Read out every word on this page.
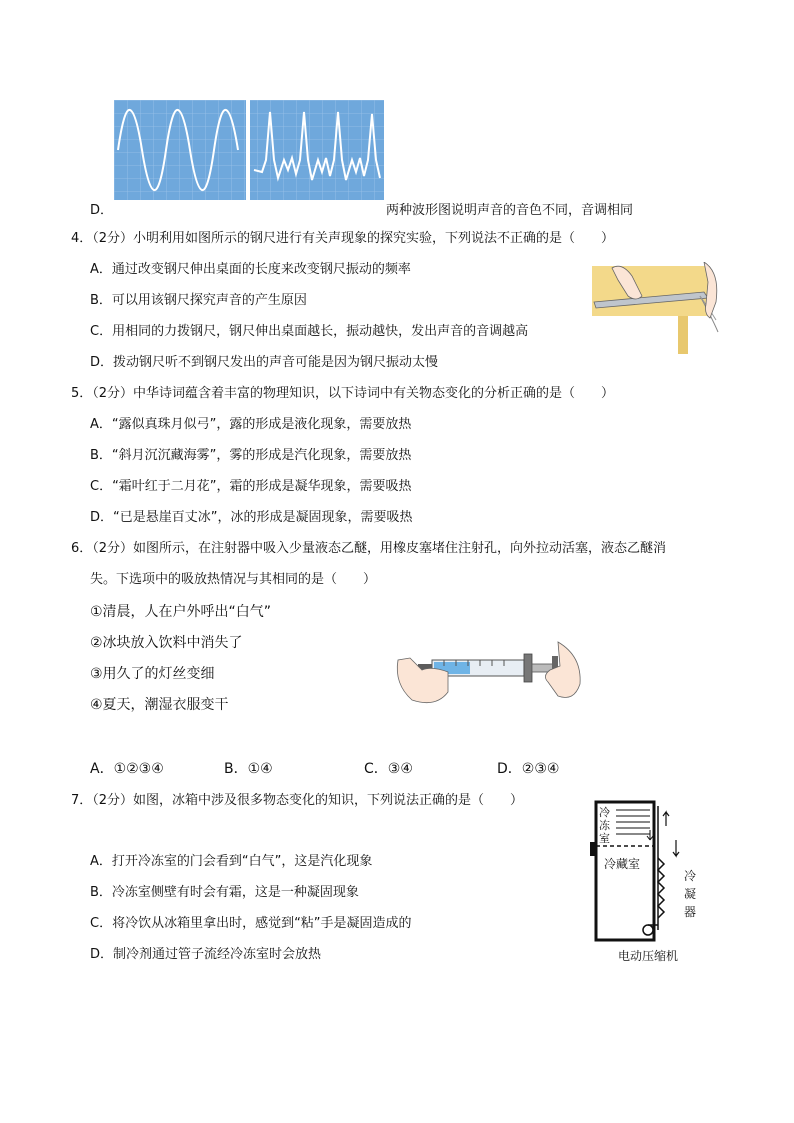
D．	两种波形图说明声音的音色不同，音调相同
4．（2分）小明利用如图所示的钢尺进行有关声现象的探究实验，下列说法不正确的是（　　）
A．通过改变钢尺伸出桌面的长度来改变钢尺振动的频率
B．可以用该钢尺探究声音的产生原因
C．用相同的力拨钢尺，钢尺伸出桌面越长，振动越快，发出声音的音调越高
D．拨动钢尺听不到钢尺发出的声音可能是因为钢尺振动太慢
5．（2分）中华诗词蕴含着丰富的物理知识，以下诗词中有关物态变化的分析正确的是（　　）
A．“露似真珠月似弓”，露的形成是液化现象，需要放热
B．“斜月沉沉藏海雾”，雾的形成是汽化现象，需要放热
C．“霜叶红于二月花”，霜的形成是凝华现象，需要吸热
D．“已是悬崖百丈冰”，冰的形成是凝固现象，需要吸热
6．（2分）如图所示，在注射器中吸入少量液态乙醚，用橡皮塞堵住注射孔，向外拉动活塞，液态乙醚消
失。下选项中的吸放热情况与其相同的是（　　）
①清晨，人在户外呼出“白气”
②冰块放入饮料中消失了
③用久了的灯丝变细
④夏天，潮湿衣服变干
A．①②③④	B．①④	C．③④	D．②③④
7．（2分）如图，冰箱中涉及很多物态变化的知识，下列说法正确的是（　　）
A．打开冷冻室的门会看到“白气”，这是汽化现象
B．冷冻室侧壁有时会有霜，这是一种凝固现象
C．将冷饮从冰箱里拿出时，感觉到“粘”手是凝固造成的
D．制冷剂通过管子流经冷冻室时会放热
冷
冻
室
冷藏室
冷
凝
器
电动压缩机
